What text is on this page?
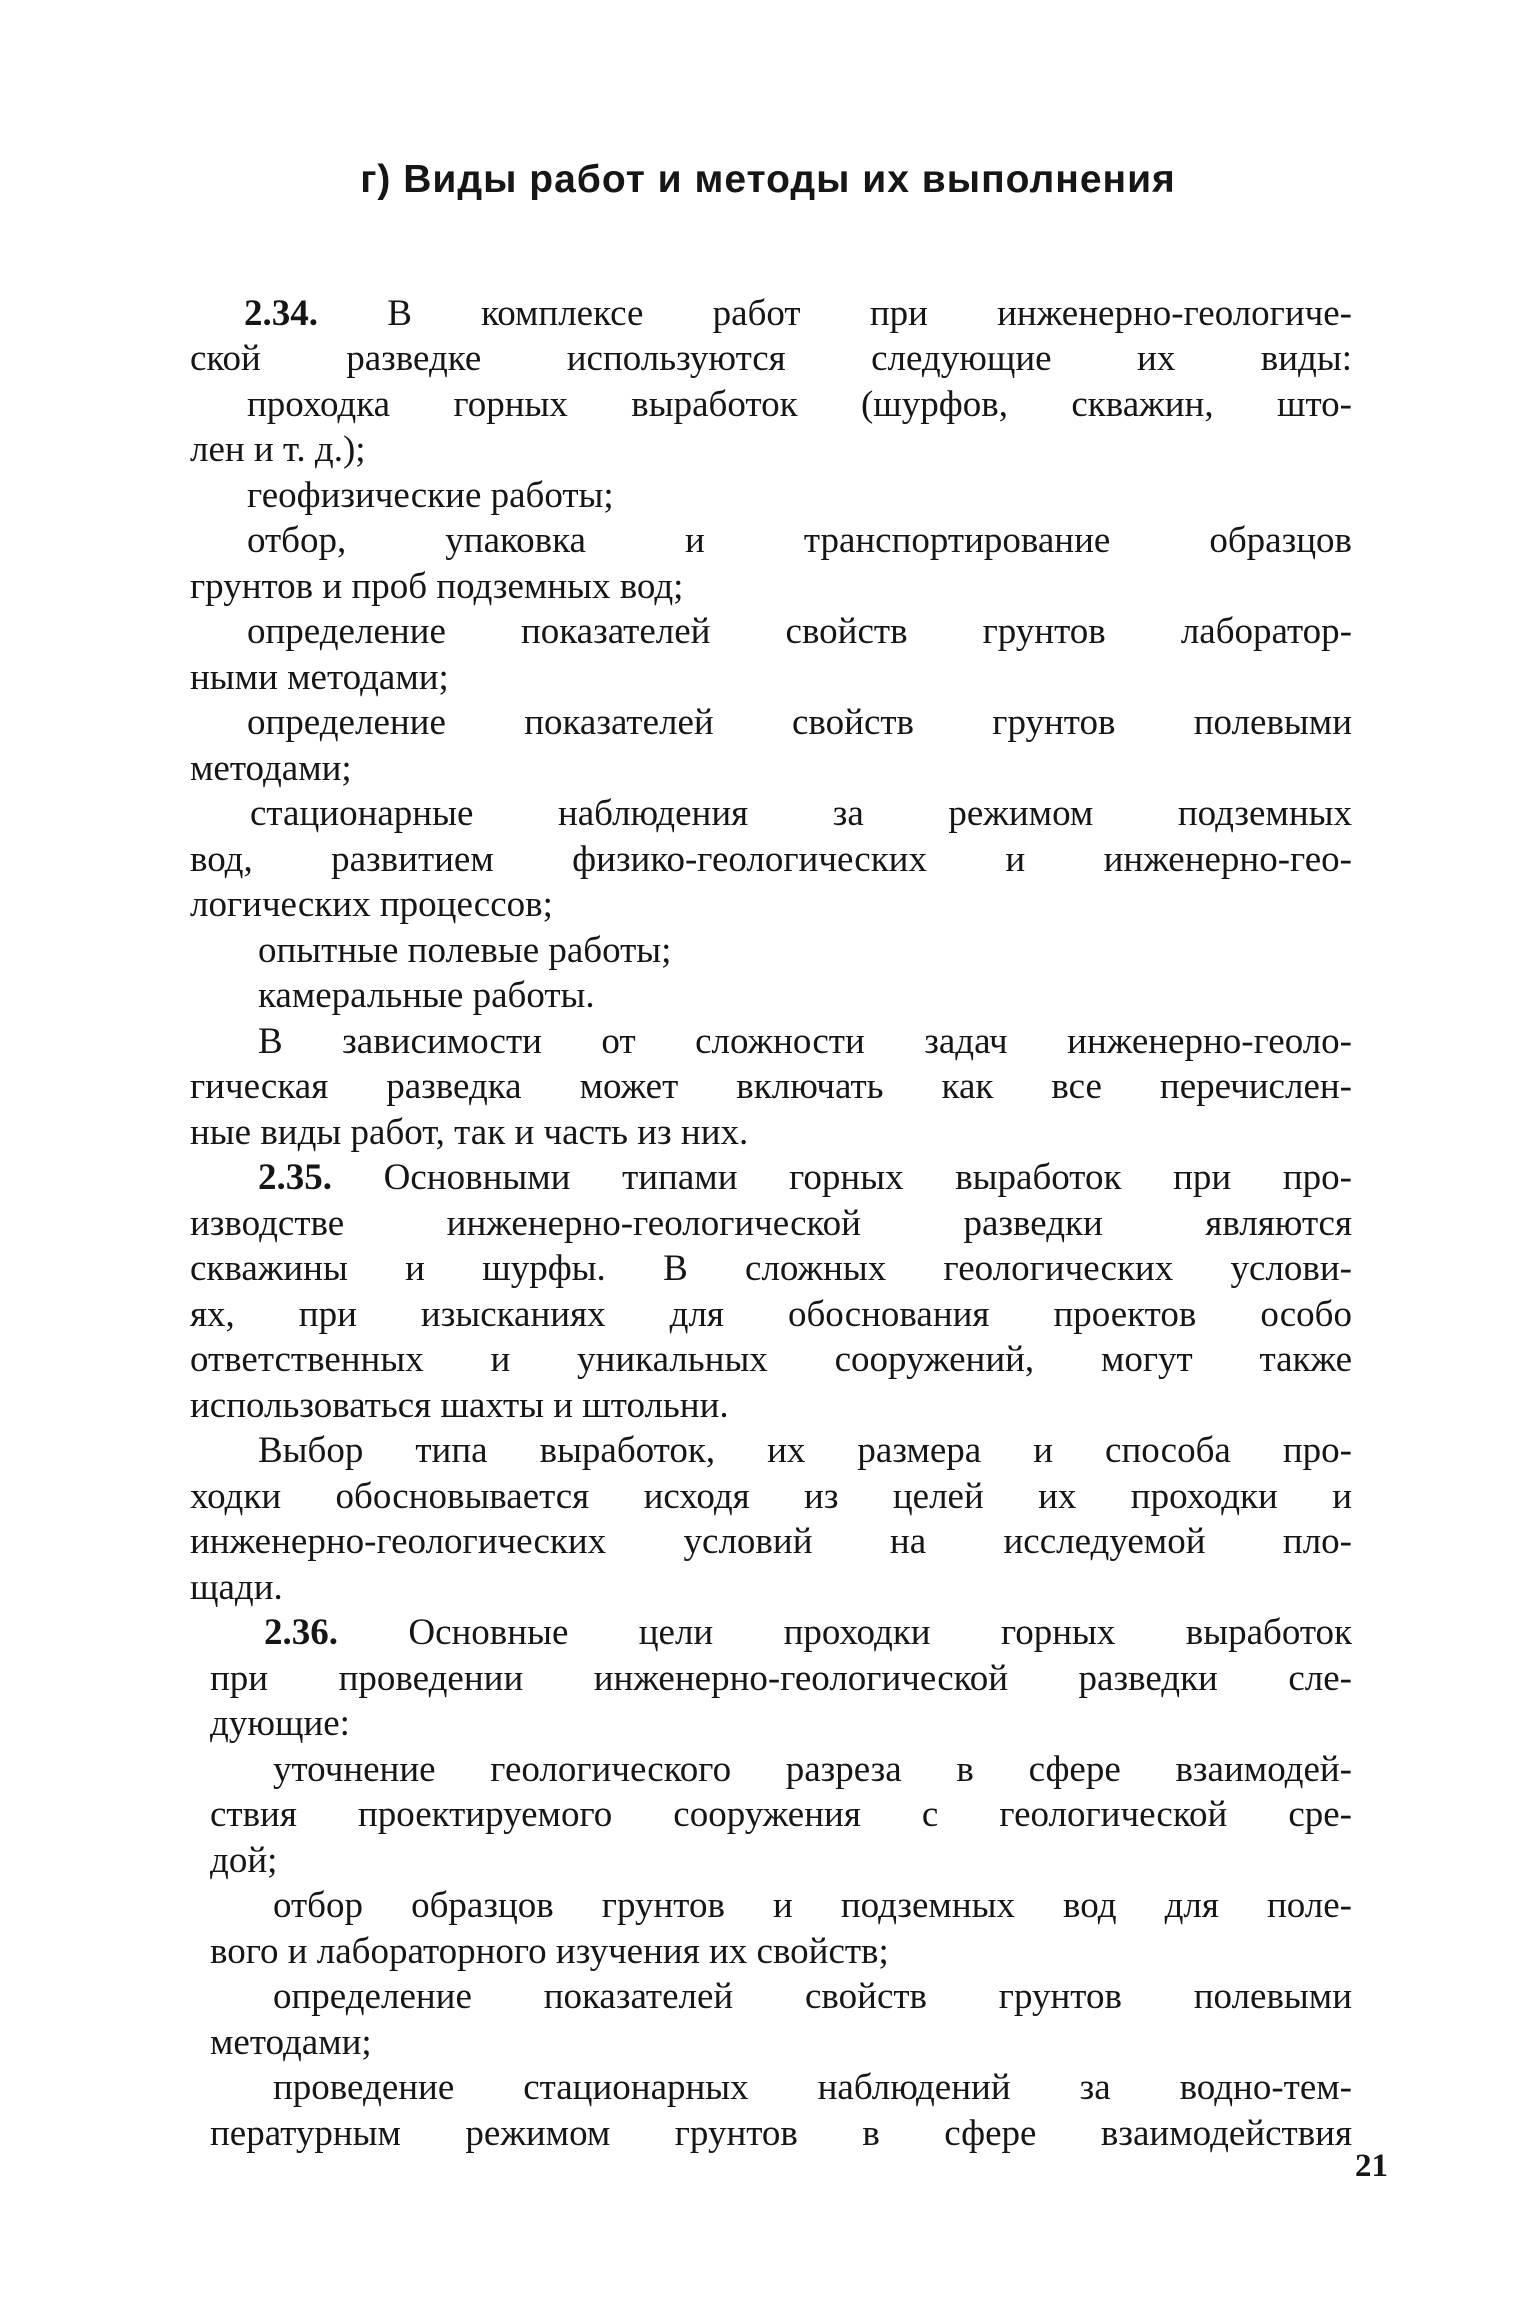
г) Виды работ и методы их выполнения
2.34. В комплексе работ при инженерно-геологиче-
ской разведке используются следующие их виды:
проходка горных выработок (шурфов, скважин, што-
лен и т. д.);
геофизические работы;
отбор, упаковка и транспортирование образцов
грунтов и проб подземных вод;
определение показателей свойств грунтов лаборатор-
ными методами;
определение показателей свойств грунтов полевыми
методами;
стационарные наблюдения за режимом подземных
вод, развитием физико-геологических и инженерно-гео-
логических процессов;
опытные полевые работы;
камеральные работы.
В зависимости от сложности задач инженерно-геоло-
гическая разведка может включать как все перечислен-
ные виды работ, так и часть из них.
2.35. Основными типами горных выработок при про-
изводстве инженерно-геологической разведки являются
скважины и шурфы. В сложных геологических услови-
ях, при изысканиях для обоснования проектов особо
ответственных и уникальных сооружений, могут также
использоваться шахты и штольни.
Выбор типа выработок, их размера и способа про-
ходки обосновывается исходя из целей их проходки и
инженерно-геологических условий на исследуемой пло-
щади.
2.36. Основные цели проходки горных выработок
при проведении инженерно-геологической разведки сле-
дующие:
уточнение геологического разреза в сфере взаимодей-
ствия проектируемого сооружения с геологической сре-
дой;
отбор образцов грунтов и подземных вод для поле-
вого и лабораторного изучения их свойств;
определение показателей свойств грунтов полевыми
методами;
проведение стационарных наблюдений за водно-тем-
пературным режимом грунтов в сфере взаимодействия
21
